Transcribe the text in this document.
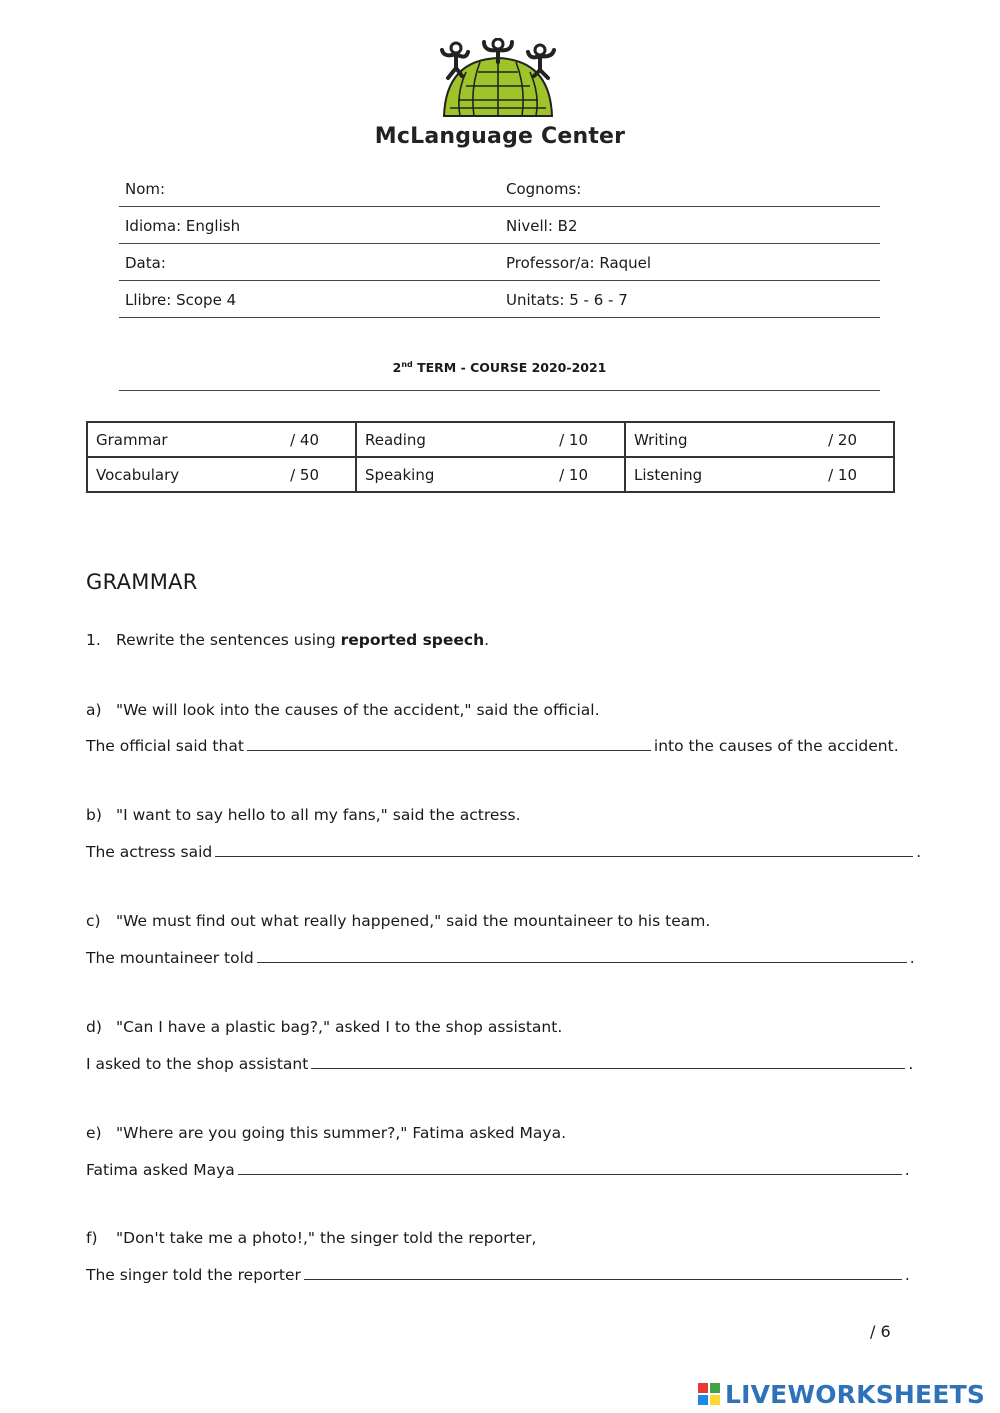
McLanguage Center
Nom:	Cognoms:
Idioma: English	Nivell: B2
Data:	Professor/a: Raquel
Llibre: Scope 4	Unitats: 5 - 6 - 7
2nd TERM - COURSE 2020-2021
Grammar / 40	Reading / 10	Writing / 20

Vocabulary / 50	Speaking / 10	Listening / 10
GRAMMAR
1. Rewrite the sentences using reported speech.
a) "We will look into the causes of the accident," said the official.
The official said that	into the causes of the accident.
b) "I want to say hello to all my fans," said the actress.
The actress said	.
c) "We must find out what really happened," said the mountaineer to his team.
The mountaineer told	.
d) "Can I have a plastic bag?," asked I to the shop assistant.
I asked to the shop assistant	.
e) "Where are you going this summer?," Fatima asked Maya.
Fatima asked Maya	.
f) "Don't take me a photo!," the singer told the reporter,
The singer told the reporter	.
/ 6
LIVEWORKSHEETS
